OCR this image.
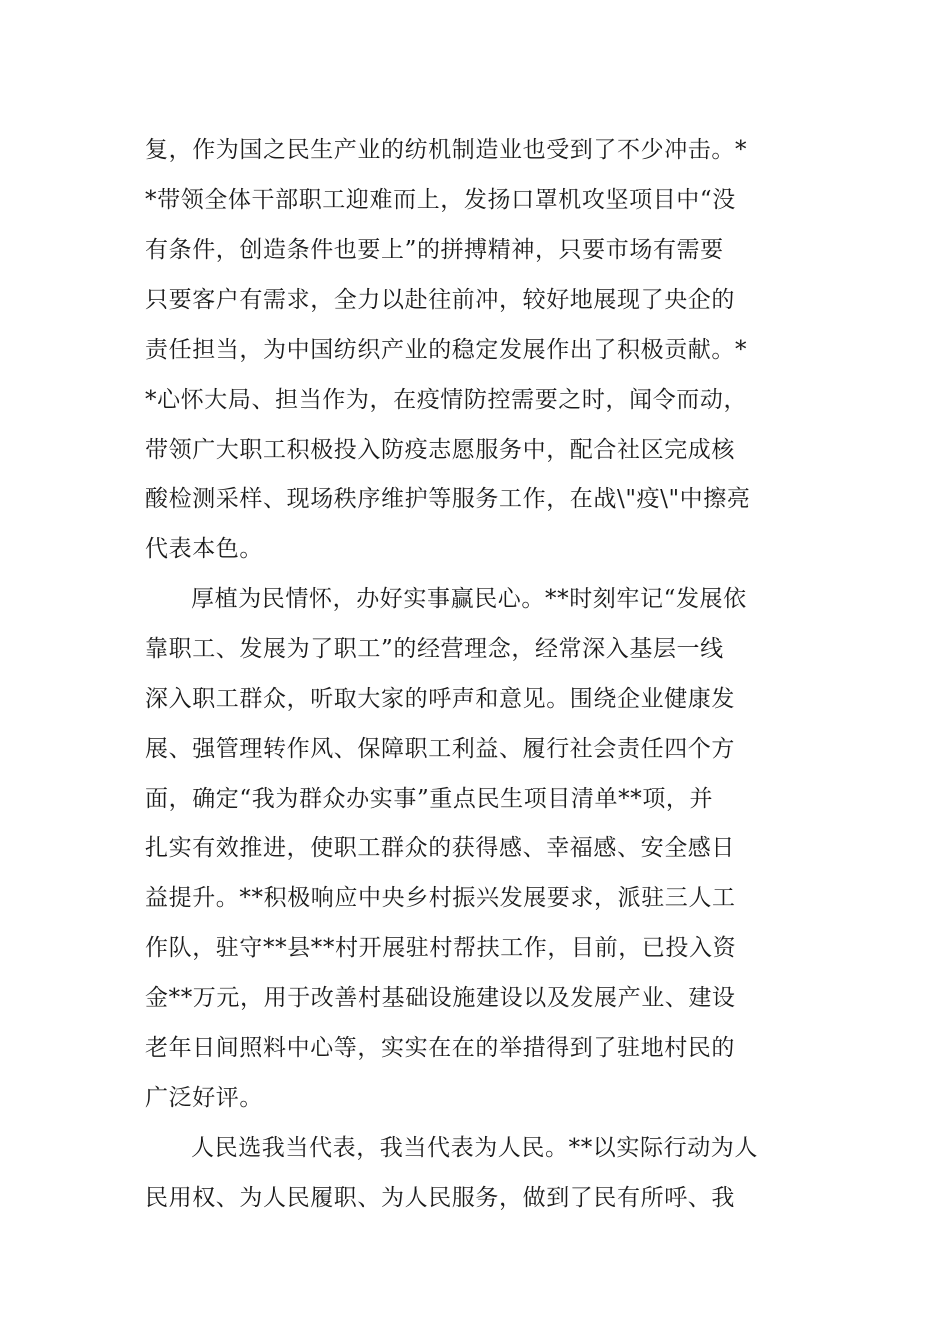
复，作为国之民生产业的纺机制造业也受到了不少冲击。*
*带领全体干部职工迎难而上，发扬口罩机攻坚项目中“没
有条件，创造条件也要上”的拼搏精神，只要市场有需要
只要客户有需求，全力以赴往前冲，较好地展现了央企的
责任担当，为中国纺织产业的稳定发展作出了积极贡献。*
*心怀大局、担当作为，在疫情防控需要之时，闻令而动，
带领广大职工积极投入防疫志愿服务中，配合社区完成核
酸检测采样、现场秩序维护等服务工作，在战\"疫\"中擦亮
代表本色。
厚植为民情怀，办好实事赢民心。**时刻牢记“发展依
靠职工、发展为了职工”的经营理念，经常深入基层一线
深入职工群众，听取大家的呼声和意见。围绕企业健康发
展、强管理转作风、保障职工利益、履行社会责任四个方
面，确定“我为群众办实事”重点民生项目清单**项，并
扎实有效推进，使职工群众的获得感、幸福感、安全感日
益提升。**积极响应中央乡村振兴发展要求，派驻三人工
作队，驻守**县**村开展驻村帮扶工作，目前，已投入资
金**万元，用于改善村基础设施建设以及发展产业、建设
老年日间照料中心等，实实在在的举措得到了驻地村民的
广泛好评。
人民选我当代表，我当代表为人民。**以实际行动为人
民用权、为人民履职、为人民服务，做到了民有所呼、我
